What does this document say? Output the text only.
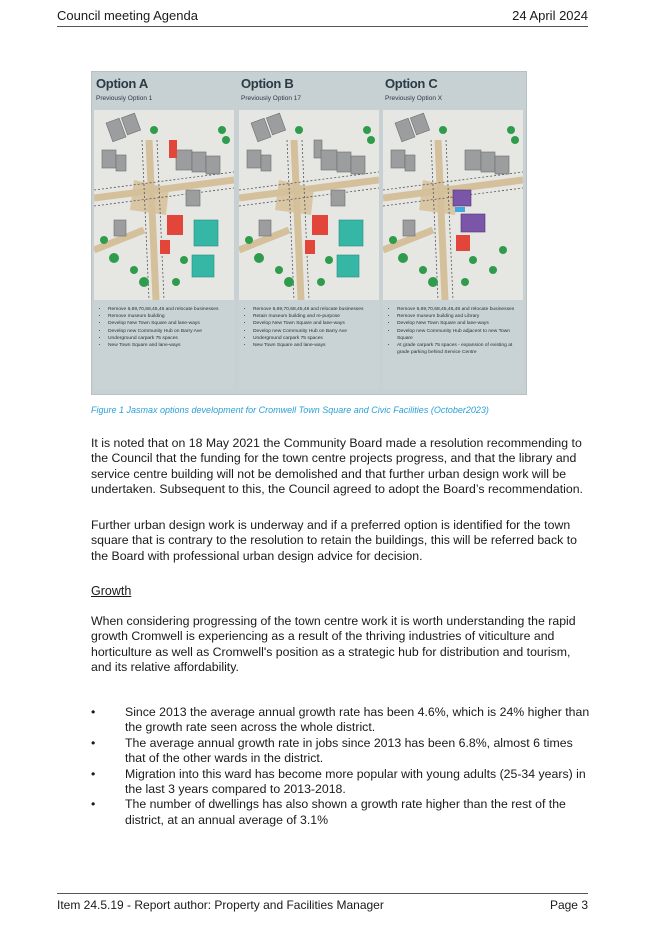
Council meeting Agenda	24 April 2024
Option A
Previously Option 1
• Remove 6,69,70,68,45,46 and relocate businesses
• Remove museum building
• Develop New Town Square and lane-ways
• Develop new Community Hub on Barry Ave
• Underground carpark 75 spaces
• New Town Square and lane-ways
Option B
Previously Option 17
• Remove 6,69,70,68,45,46 and relocate businesses
• Retain museum building and re-purpose
• Develop New Town Square and lane-ways
• Develop new Community Hub on Barry Ave
• Underground carpark 75 spaces
• New Town Square and lane-ways
Option C
Previously Option X
• Remove 6,69,70,68,45,46,48 and relocate businesses
• Remove museum building and Library
• Develop New Town Square and lane-ways
• Develop new Community Hub adjacent to new Town Square
• At grade carpark 75 spaces - expansion of existing at grade parking behind Service Centre
Figure 1 Jasmax options development for Cromwell Town Square and Civic Facilities (October2023)

It is noted that on 18 May 2021 the Community Board made a resolution recommending to the Council that the funding for the town centre projects progress, and that the library and service centre building will not be demolished and that further urban design work will be undertaken. Subsequent to this, the Council agreed to adopt the Board’s recommendation.

Further urban design work is underway and if a preferred option is identified for the town square that is contrary to the resolution to retain the buildings, this will be referred back to the Board with professional urban design advice for decision.

Growth

When considering progressing of the town centre work it is worth understanding the rapid growth Cromwell is experiencing as a result of the thriving industries of viticulture and horticulture as well as Cromwell's position as a strategic hub for distribution and tourism, and its relative affordability.

• Since 2013 the average annual growth rate has been 4.6%, which is 24% higher than the growth rate seen across the whole district.
• The average annual growth rate in jobs since 2013 has been 6.8%, almost 6 times that of the other wards in the district.
• Migration into this ward has become more popular with young adults (25-34 years) in the last 3 years compared to 2013-2018.
• The number of dwellings has also shown a growth rate higher than the rest of the district, at an annual average of 3.1%
Item 24.5.19 - Report author: Property and Facilities Manager	Page 3
